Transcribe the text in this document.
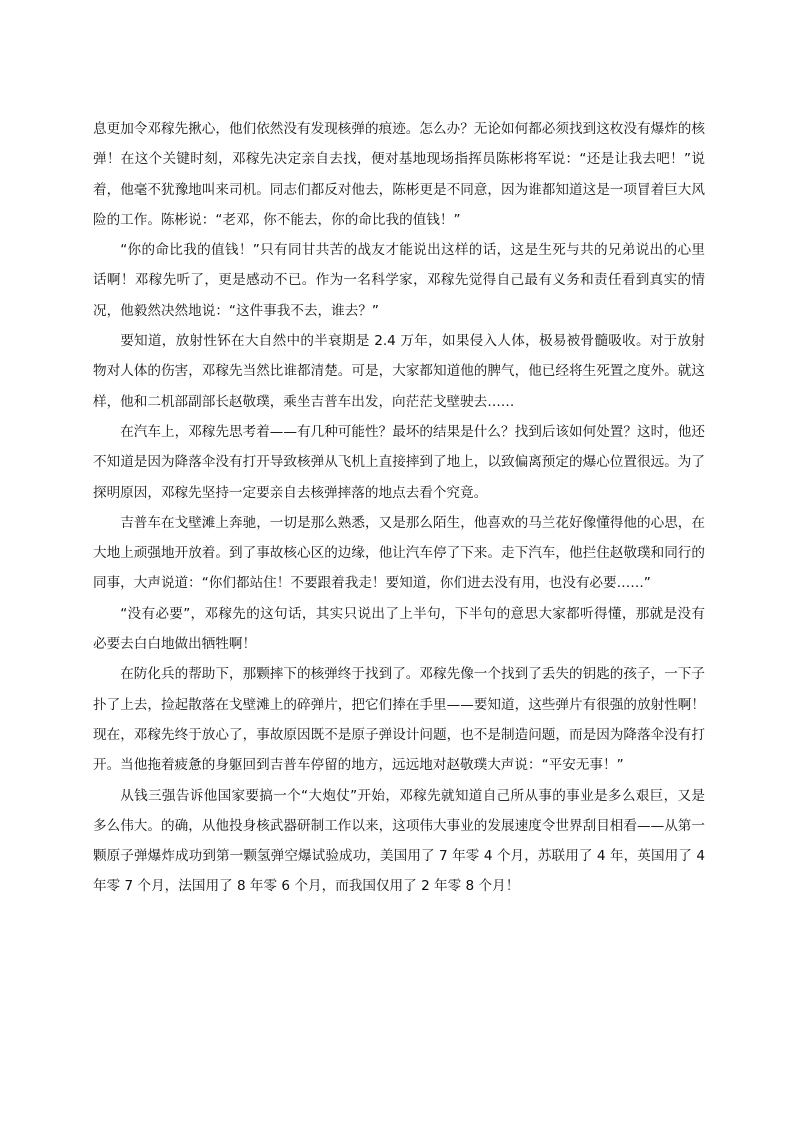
息更加令邓稼先揪心，他们依然没有发现核弹的痕迹。怎么办？无论如何都必须找到这枚没有爆炸的核弹！在这个关键时刻，邓稼先决定亲自去找，便对基地现场指挥员陈彬将军说：“还是让我去吧！”说着，他毫不犹豫地叫来司机。同志们都反对他去，陈彬更是不同意，因为谁都知道这是一项冒着巨大风险的工作。陈彬说：“老邓，你不能去，你的命比我的值钱！”

“你的命比我的值钱！”只有同甘共苦的战友才能说出这样的话，这是生死与共的兄弟说出的心里话啊！邓稼先听了，更是感动不已。作为一名科学家，邓稼先觉得自己最有义务和责任看到真实的情况，他毅然决然地说：“这件事我不去，谁去？”

要知道，放射性钚在大自然中的半衰期是 2.4 万年，如果侵入人体，极易被骨髓吸收。对于放射物对人体的伤害，邓稼先当然比谁都清楚。可是，大家都知道他的脾气，他已经将生死置之度外。就这样，他和二机部副部长赵敬璞，乘坐吉普车出发，向茫茫戈壁驶去……

在汽车上，邓稼先思考着——有几种可能性？最坏的结果是什么？找到后该如何处置？这时，他还不知道是因为降落伞没有打开导致核弹从飞机上直接摔到了地上，以致偏离预定的爆心位置很远。为了探明原因，邓稼先坚持一定要亲自去核弹摔落的地点去看个究竟。

吉普车在戈壁滩上奔驰，一切是那么熟悉，又是那么陌生，他喜欢的马兰花好像懂得他的心思，在大地上顽强地开放着。到了事故核心区的边缘，他让汽车停了下来。走下汽车，他拦住赵敬璞和同行的同事，大声说道：“你们都站住！不要跟着我走！要知道，你们进去没有用，也没有必要……”

“没有必要”，邓稼先的这句话，其实只说出了上半句，下半句的意思大家都听得懂，那就是没有必要去白白地做出牺牲啊！

在防化兵的帮助下，那颗摔下的核弹终于找到了。邓稼先像一个找到了丢失的钥匙的孩子，一下子扑了上去，捡起散落在戈壁滩上的碎弹片，把它们捧在手里——要知道，这些弹片有很强的放射性啊！现在，邓稼先终于放心了，事故原因既不是原子弹设计问题，也不是制造问题，而是因为降落伞没有打开。当他拖着疲惫的身躯回到吉普车停留的地方，远远地对赵敬璞大声说：“平安无事！”

从钱三强告诉他国家要搞一个“大炮仗”开始，邓稼先就知道自己所从事的事业是多么艰巨，又是多么伟大。的确，从他投身核武器研制工作以来，这项伟大事业的发展速度令世界刮目相看——从第一颗原子弹爆炸成功到第一颗氢弹空爆试验成功，美国用了 7 年零 4 个月，苏联用了 4 年，英国用了 4 年零 7 个月，法国用了 8 年零 6 个月，而我国仅用了 2 年零 8 个月！
